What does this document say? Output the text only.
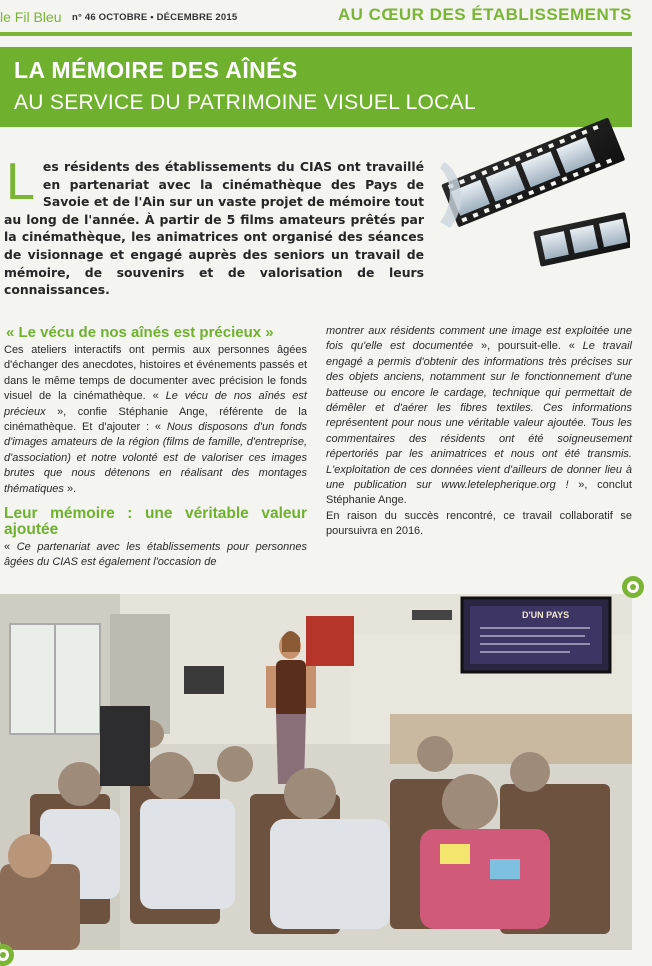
le Fil Bleu n° 46 OCTOBRE • DÉCEMBRE 2015	AU CŒUR DES ÉTABLISSEMENTS
LA MÉMOIRE DES AÎNÉS
AU SERVICE DU PATRIMOINE VISUEL LOCAL
Les résidents des établissements du CIAS ont travaillé en partenariat avec la cinémathèque des Pays de Savoie et de l'Ain sur un vaste projet de mémoire tout au long de l'année. À partir de 5 films amateurs prêtés par la cinémathèque, les animatrices ont organisé des séances de visionnage et engagé auprès des seniors un travail de mémoire, de souvenirs et de valorisation de leurs connaissances.
« Le vécu de nos aînés est précieux »

Ces ateliers interactifs ont permis aux personnes âgées d'échanger des anecdotes, histoires et événements passés et dans le même temps de documenter avec précision le fonds visuel de la cinémathèque. « Le vécu de nos aînés est précieux », confie Stéphanie Ange, référente de la cinémathèque. Et d'ajouter : « Nous disposons d'un fonds d'images amateurs de la région (films de famille, d'entreprise, d'association) et notre volonté est de valoriser ces images brutes que nous détenons en réalisant des montages thématiques ».

Leur mémoire : une véritable valeur ajoutée

« Ce partenariat avec les établissements pour personnes âgées du CIAS est également l'occasion de

montrer aux résidents comment une image est exploitée une fois qu'elle est documentée », poursuit-elle. « Le travail engagé a permis d'obtenir des informations très précises sur des objets anciens, notamment sur le fonctionnement d'une batteuse ou encore le cardage, technique qui permettait de démêler et d'aérer les fibres textiles. Ces informations représentent pour nous une véritable valeur ajoutée. Tous les commentaires des résidents ont été soigneusement répertoriés par les animatrices et nous ont été transmis. L'exploitation de ces données vient d'ailleurs de donner lieu à une publication sur www.letelepherique.org ! », conclut Stéphanie Ange.

En raison du succès rencontré, ce travail collaboratif se poursuivra en 2016.

D'UN PAYS
